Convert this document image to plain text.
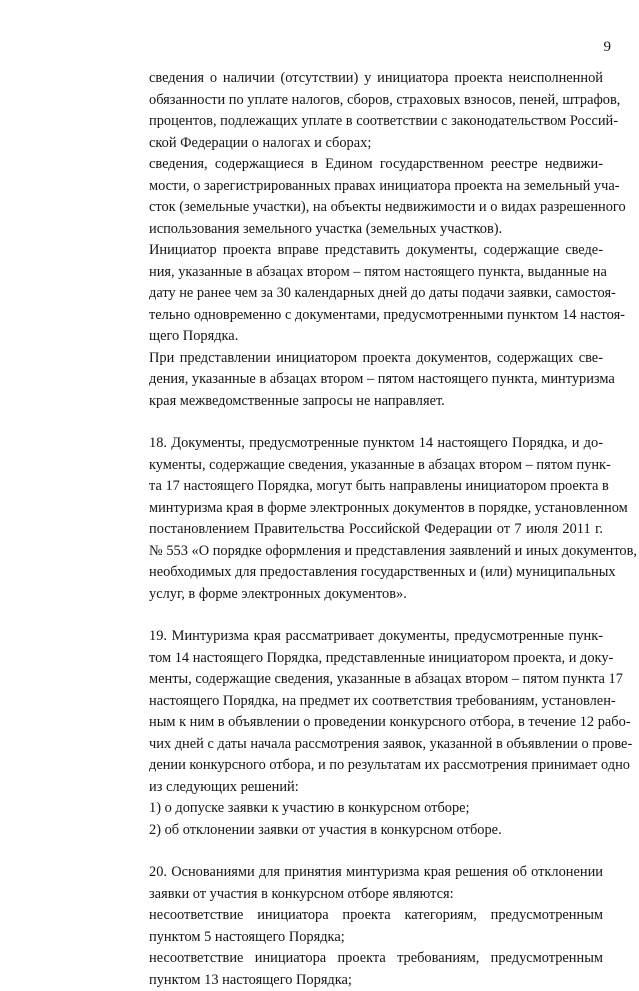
9

сведения о наличии (отсутствии) у инициатора проекта неисполненной
обязанности по уплате налогов, сборов, страховых взносов, пеней, штрафов,
процентов, подлежащих уплате в соответствии с законодательством Россий-
ской Федерации о налогах и сборах;

сведения, содержащиеся в Едином государственном реестре недвижи-
мости, о зарегистрированных правах инициатора проекта на земельный уча-
сток (земельные участки), на объекты недвижимости и о видах разрешенного
использования земельного участка (земельных участков).

Инициатор проекта вправе представить документы, содержащие сведе-
ния, указанные в абзацах втором – пятом настоящего пункта, выданные на
дату не ранее чем за 30 календарных дней до даты подачи заявки, самостоя-
тельно одновременно с документами, предусмотренными пунктом 14 настоя-
щего Порядка.

При представлении инициатором проекта документов, содержащих све-
дения, указанные в абзацах втором – пятом настоящего пункта, минтуризма
края межведомственные запросы не направляет.

18. Документы, предусмотренные пунктом 14 настоящего Порядка, и до-
кументы, содержащие сведения, указанные в абзацах втором – пятом пунк-
та 17 настоящего Порядка, могут быть направлены инициатором проекта в
минтуризма края в форме электронных документов в порядке, установленном
постановлением Правительства Российской Федерации от 7 июля 2011 г.
№ 553 «О порядке оформления и представления заявлений и иных документов,
необходимых для предоставления государственных и (или) муниципальных
услуг, в форме электронных документов».

19. Минтуризма края рассматривает документы, предусмотренные пунк-
том 14 настоящего Порядка, представленные инициатором проекта, и доку-
менты, содержащие сведения, указанные в абзацах втором – пятом пункта 17
настоящего Порядка, на предмет их соответствия требованиям, установлен-
ным к ним в объявлении о проведении конкурсного отбора, в течение 12 рабо-
чих дней с даты начала рассмотрения заявок, указанной в объявлении о прове-
дении конкурсного отбора, и по результатам их рассмотрения принимает одно
из следующих решений:

1) о допуске заявки к участию в конкурсном отборе;

2) об отклонении заявки от участия в конкурсном отборе.

20. Основаниями для принятия минтуризма края решения об отклонении
заявки от участия в конкурсном отборе являются:

несоответствие инициатора проекта категориям, предусмотренным
пунктом 5 настоящего Порядка;

несоответствие инициатора проекта требованиям, предусмотренным
пунктом 13 настоящего Порядка;
